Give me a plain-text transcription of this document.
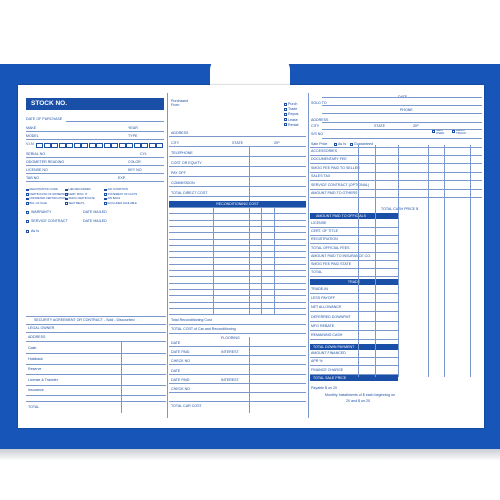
STOCK NO.
DATE OF PURCHASE
MAKE	YEAR
MODEL	TYPE
V.I.N
SERIAL NO	CYL
ODOMETER READING	COLOR
LICENSE NO	KEY NO
TAB NO	EXP
WARRANTY	DATE MAILED
SERVICE CONTRACT	DATE MAILED
As Is
SECURITY AGREEMENT OR CONTRACT - Sold - Discounted
LEGAL OWNER
ADDRESS
TOTAL
Purchased
From
RECONDITIONING COST
Total Reconditioning Cost
TOTAL COST of Car and Reconditioning
FLOORING
TOTAL CAR COST
DATE
SOLD TO
PHONE
NEW USED
DEMO TRUCK
Sale Price	As Is Guaranteed
TOTAL CASH PRICE $
AMOUNT PAID TO OFFICIALS
TRADE
TOTAL DOWN PAYMENT
TOTAL SALE PRICE
Payable $ on 20
Monthly Installments of $ each beginning on
20 and $ on 20
REGISTRATION CARD
CERTIFICATE OF OWNERSHIP
ODOMETER CERTIFICATION
BILL OF SALE
LIEN RECORDED
CERT. MISC. IT
SMOG CERTIFICATE
SEAT BELTS
AIR CONDITION
STATEMENT OF FACTS
AIR BAGS
EXCLUDED AVAILABLE
Cash
Holdback
Reserve
License & Transfer
Insurance
Purch
Trade
Repos
Lease
Rental
ADDRESS
CITY	STATE	ZIP
TELEPHONE
COST OR EQUITY
PAY OFF
COMMISSION
TOTAL DIRECT COST
DATE
DATE PAID	INTEREST
CHECK NO
DATE
DATE PAID	INTEREST
CHECK NO
ADDRESS
CITY	STATE	ZIP
S/S NO
ACCESSORIES
DOCUMENTARY FEE
SMOG FEE PAID TO SELLER
SALES TAX
SERVICE CONTRACT (OPTIONAL)
AMOUNT PAID TO OTHERS
LICENSE
CERT. OF TITLE
REGISTRATION
TOTAL OFFICIAL FEES
AMOUNT PAID TO INSURANCE CO.
SMOG FEE PAID STATE
TOTAL
TRADE-IN
LESS PAYOFF
NET ALLOWANCE
DEFERRED DOWNPMT
MFG REBATE
REMAINING CASH
AMOUNT FINANCED
APR %
FINANCE CHARGE
